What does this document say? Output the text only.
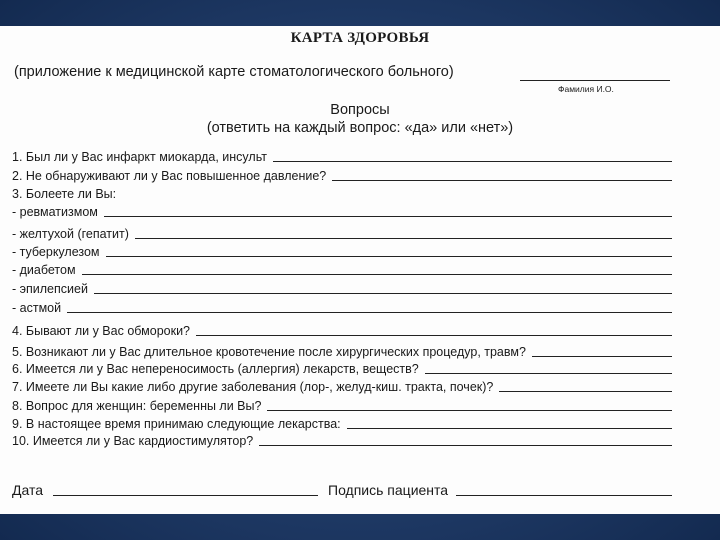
КАРТА ЗДОРОВЬЯ
(приложение к медицинской карте стоматологического больного)
Фамилия И.О.
Вопросы
(ответить на каждый вопрос: «да» или «нет»)
1. Был ли у Вас инфаркт миокарда, инсульт
2. Не обнаруживают ли у Вас повышенное давление?
3. Болеете ли Вы:
- ревматизмом
- желтухой (гепатит)
- туберкулезом
- диабетом
- эпилепсией
- астмой
4. Бывают ли у Вас обмороки?
5. Возникают ли у Вас длительное кровотечение после хирургических процедур, травм?
6. Имеется ли у Вас непереносимость (аллергия) лекарств, веществ?
7. Имеете ли Вы какие либо другие заболевания (лор-, желуд-киш. тракта, почек)?
8. Вопрос для женщин: беременны ли Вы?
9. В настоящее время принимаю следующие лекарства:
10. Имеется ли у Вас кардиостимулятор?
Дата	Подпись пациента
